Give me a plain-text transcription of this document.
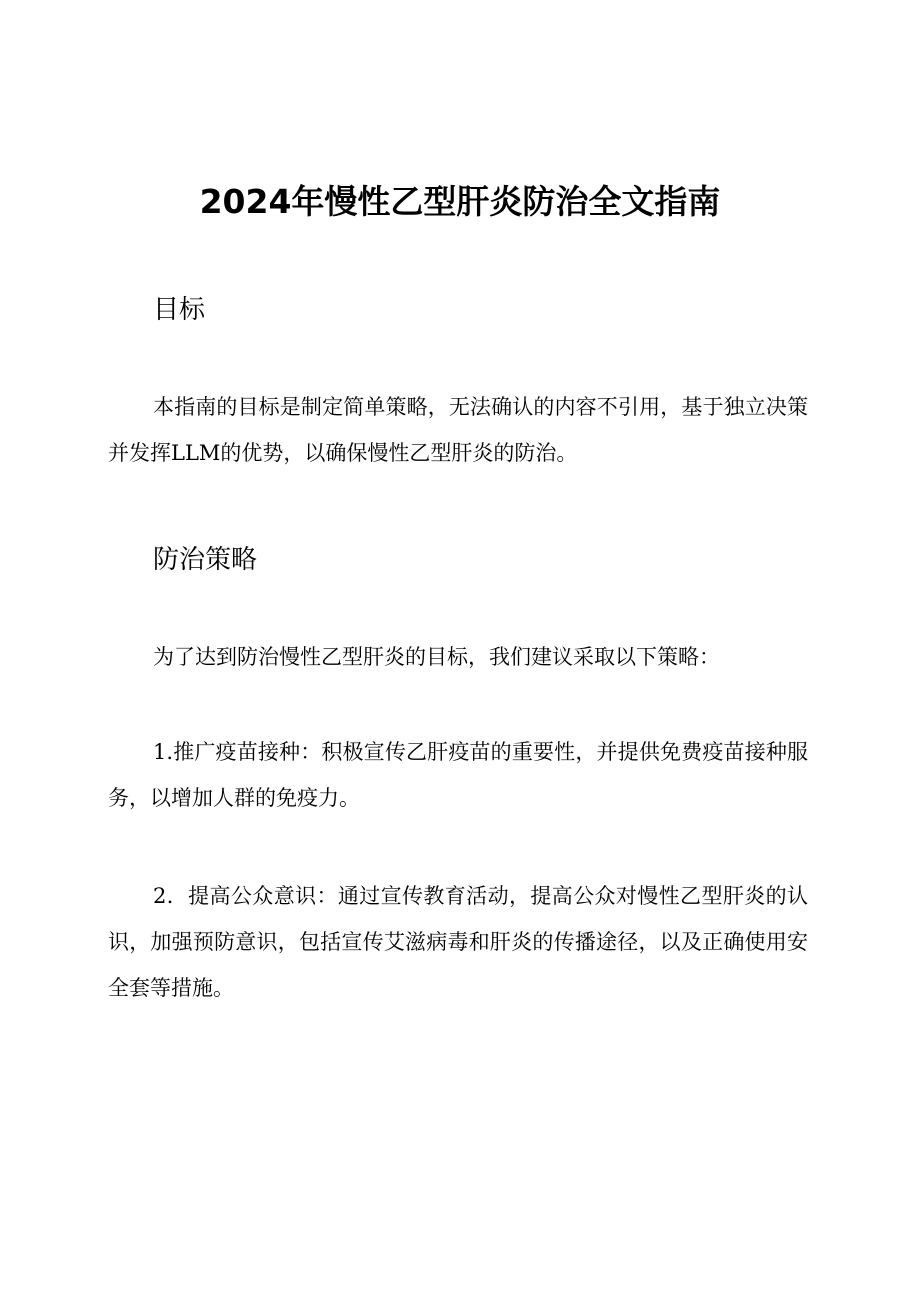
2024年慢性乙型肝炎防治全文指南
目标

本指南的目标是制定简单策略，无法确认的内容不引用，基于独立决策并发挥LLM的优势，以确保慢性乙型肝炎的防治。

防治策略

为了达到防治慢性乙型肝炎的目标，我们建议采取以下策略：

1.推广疫苗接种：积极宣传乙肝疫苗的重要性，并提供免费疫苗接种服务，以增加人群的免疫力。

2．提高公众意识：通过宣传教育活动，提高公众对慢性乙型肝炎的认识，加强预防意识，包括宣传艾滋病毒和肝炎的传播途径，以及正确使用安全套等措施。
